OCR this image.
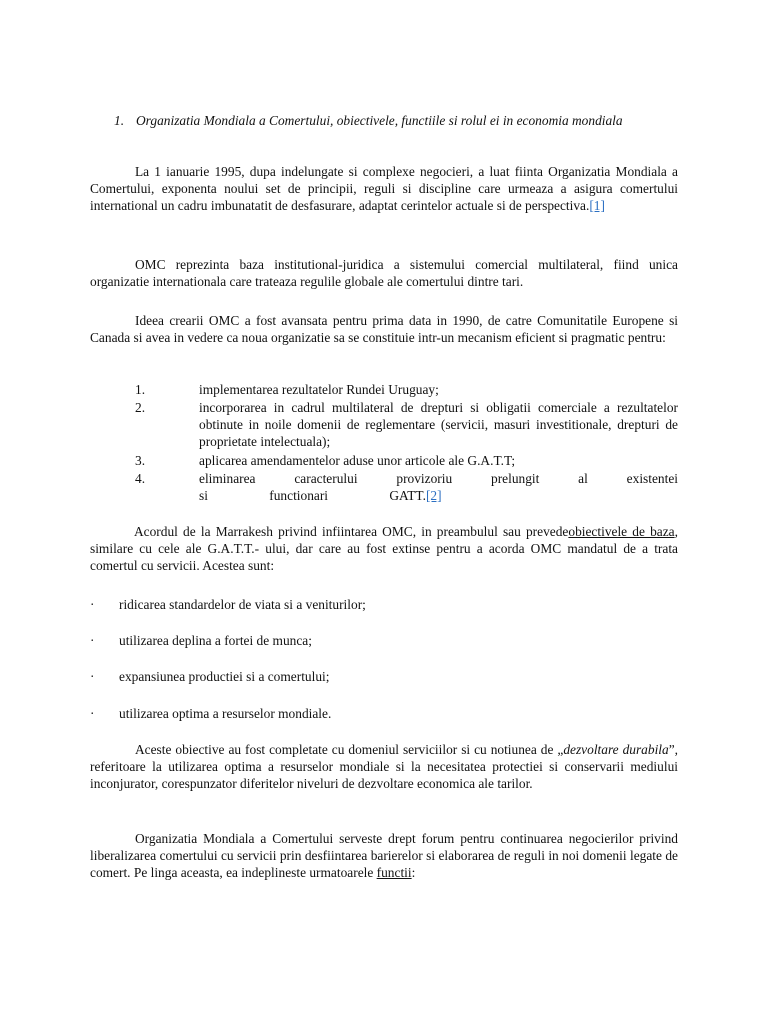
1. Organizatia Mondiala a Comertului, obiectivele, functiile si rolul ei in economia mondiala

La 1 ianuarie 1995, dupa indelungate si complexe negocieri, a luat fiinta Organizatia Mondiala a Comertului, exponenta noului set de principii, reguli si discipline care urmeaza a asigura comertului international un cadru imbunatatit de desfasurare, adaptat cerintelor actuale si de perspectiva.[1]

OMC reprezinta baza institutional-juridica a sistemului comercial multilateral, fiind unica organizatie internationala care trateaza regulile globale ale comertului dintre tari.

Ideea crearii OMC a fost avansata pentru prima data in 1990, de catre Comunitatile Europene si Canada si avea in vedere ca noua organizatie sa se constituie intr-un mecanism eficient si pragmatic pentru:

1.	implementarea rezultatelor Rundei Uruguay;
2.	incorporarea in cadrul multilateral de drepturi si obligatii comerciale a rezultatelor obtinute in noile domenii de reglementare (servicii, masuri investitionale, drepturi de proprietate intelectuala);
3.	aplicarea amendamentelor aduse unor articole ale G.A.T.T;
4.	eliminarea caracterului provizoriu prelungit al existentei
si functionari GATT.[2]

Acordul de la Marrakesh privind infiintarea OMC, in preambulul sau prevedeobiectivele de baza, similare cu cele ale G.A.T.T.- ului, dar care au fost extinse pentru a acorda OMC mandatul de a trata comertul cu servicii. Acestea sunt:

· ridicarea standardelor de viata si a veniturilor;
· utilizarea deplina a fortei de munca;
· expansiunea productiei si a comertului;
· utilizarea optima a resurselor mondiale.

Aceste obiective au fost completate cu domeniul serviciilor si cu notiunea de „dezvoltare durabila”, referitoare la utilizarea optima a resurselor mondiale si la necesitatea protectiei si conservarii mediului inconjurator, corespunzator diferitelor niveluri de dezvoltare economica ale tarilor.

Organizatia Mondiala a Comertului serveste drept forum pentru continuarea negocierilor privind liberalizarea comertului cu servicii prin desfiintarea barierelor si elaborarea de reguli in noi domenii legate de comert. Pe linga aceasta, ea indeplineste urmatoarele functii:
